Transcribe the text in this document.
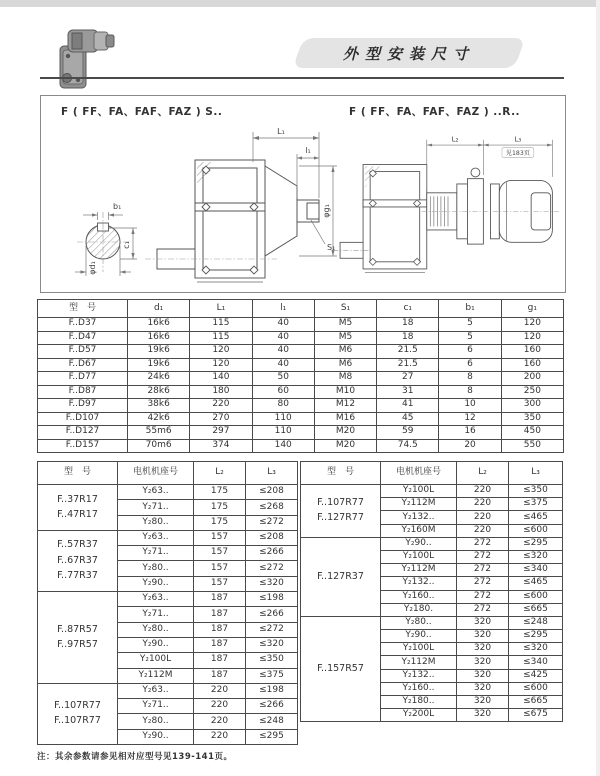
外型安装尺寸
F ( FF、FA、FAF、FAZ ) S..	F ( FF、FA、FAF、FAZ ) ..R..
L₁
l₁
φg₁
S₁
b₁
c₁
φd₁
L₂	L₃
见183页
型　号	d₁	L₁	l₁	S₁	c₁	b₁	g₁
F..D37	16k6	115	40	M5	18	5	120
F..D47	16k6	115	40	M5	18	5	120
F..D57	19k6	120	40	M6	21.5	6	160
F..D67	19k6	120	40	M6	21.5	6	160
F..D77	24k6	140	50	M8	27	8	200
F..D87	28k6	180	60	M10	31	8	250
F..D97	38k6	220	80	M12	41	10	300
F..D107	42k6	270	110	M16	45	12	350
F..D127	55m6	297	110	M20	59	16	450
F..D157	70m6	374	140	M20	74.5	20	550
型　号	电机机座号	L₂	L₃

F..37R17
F..47R17	Y₂63..	175	≤208
	Y₂71..	175	≤268
	Y₂80..	175	≤272

F..57R37
F..67R37
F..77R37	Y₂63..	157	≤208
	Y₂71..	157	≤266
	Y₂80..	157	≤272
	Y₂90..	157	≤320

F..87R57
F..97R57	Y₂63..	187	≤198
	Y₂71..	187	≤266
	Y₂80..	187	≤272
	Y₂90..	187	≤320
	Y₂100L	187	≤350
	Y₂112M	187	≤375

F..107R77
F..107R77	Y₂63..	220	≤198
	Y₂71..	220	≤266
	Y₂80..	220	≤248
	Y₂90..	220	≤295
型　号	电机机座号	L₂	L₃

F..107R77
F..127R77	Y₂100L	220	≤350
	Y₂112M	220	≤375
	Y₂132..	220	≤465
	Y₂160M	220	≤600

F..127R37	Y₂90..	272	≤295
	Y₂100L	272	≤320
	Y₂112M	272	≤340
	Y₂132..	272	≤465
	Y₂160..	272	≤600
	Y₂180.	272	≤665

F..157R57	Y₂80..	320	≤248
	Y₂90..	320	≤295
	Y₂100L	320	≤320
	Y₂112M	320	≤340
	Y₂132..	320	≤425
	Y₂160..	320	≤600
	Y₂180..	320	≤665
	Y₂200L	320	≤675
注：其余参数请参见相对应型号见139-141页。
